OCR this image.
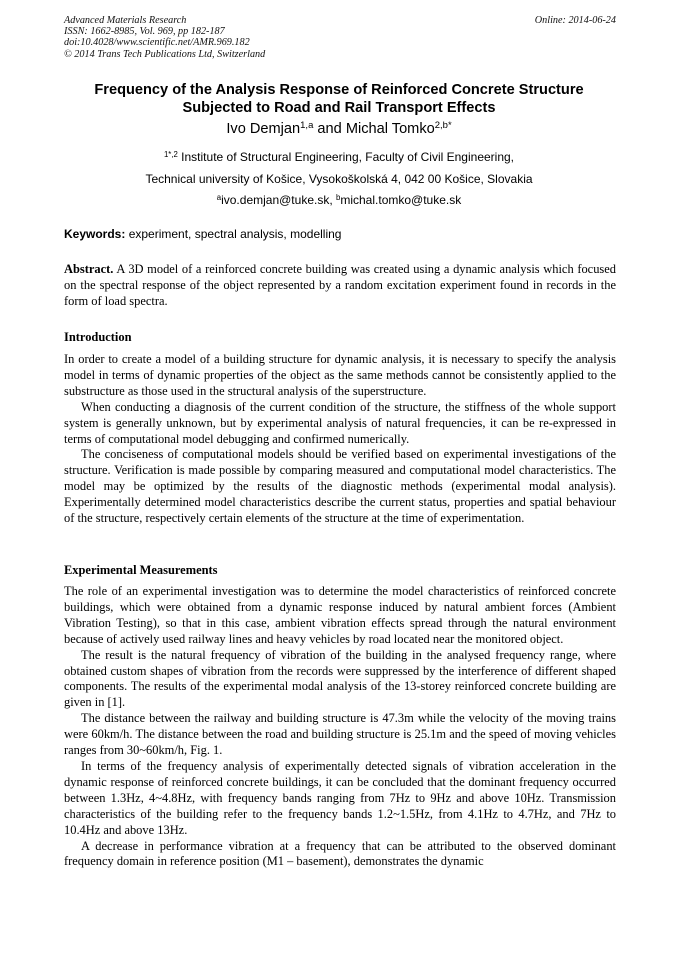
Advanced Materials Research
ISSN: 1662-8985, Vol. 969, pp 182-187
doi:10.4028/www.scientific.net/AMR.969.182
© 2014 Trans Tech Publications Ltd, Switzerland
Online: 2014-06-24
Frequency of the Analysis Response of Reinforced Concrete Structure
Subjected to Road and Rail Transport Effects
Ivo Demjan$^{1,a}$ and Michal Tomko$^{2,b*}$
$^{1*,2}$ Institute of Structural Engineering, Faculty of Civil Engineering,
Technical university of Košice, Vysokoškolská 4, 042 00 Košice, Slovakia
$^a$ivo.demjan@tuke.sk, $^b$michal.tomko@tuke.sk
Keywords: experiment, spectral analysis, modelling

Abstract. A 3D model of a reinforced concrete building was created using a dynamic analysis which focused on the spectral response of the object represented by a random excitation experiment found in records in the form of load spectra.

Introduction

In order to create a model of a building structure for dynamic analysis, it is necessary to specify the analysis model in terms of dynamic properties of the object as the same methods cannot be consistently applied to the substructure as those used in the structural analysis of the superstructure.

When conducting a diagnosis of the current condition of the structure, the stiffness of the whole support system is generally unknown, but by experimental analysis of natural frequencies, it can be re-expressed in terms of computational model debugging and confirmed numerically.

The conciseness of computational models should be verified based on experimental investigations of the structure. Verification is made possible by comparing measured and computational model characteristics. The model may be optimized by the results of the diagnostic methods (experimental modal analysis). Experimentally determined model characteristics describe the current status, properties and spatial behaviour of the structure, respectively certain elements of the structure at the time of experimentation.

Experimental Measurements

The role of an experimental investigation was to determine the model characteristics of reinforced concrete buildings, which were obtained from a dynamic response induced by natural ambient forces (Ambient Vibration Testing), so that in this case, ambient vibration effects spread through the natural environment because of actively used railway lines and heavy vehicles by road located near the monitored object.

The result is the natural frequency of vibration of the building in the analysed frequency range, where obtained custom shapes of vibration from the records were suppressed by the interference of different shaped components. The results of the experimental modal analysis of the 13-storey reinforced concrete building are given in [1].

The distance between the railway and building structure is 47.3m while the velocity of the moving trains were 60km/h. The distance between the road and building structure is 25.1m and the speed of moving vehicles ranges from 30~60km/h, Fig. 1.

In terms of the frequency analysis of experimentally detected signals of vibration acceleration in the dynamic response of reinforced concrete buildings, it can be concluded that the dominant frequency occurred between 1.3Hz, 4~4.8Hz, with frequency bands ranging from 7Hz to 9Hz and above 10Hz. Transmission characteristics of the building refer to the frequency bands 1.2~1.5Hz, from 4.1Hz to 4.7Hz, and 7Hz to 10.4Hz and above 13Hz.

A decrease in performance vibration at a frequency that can be attributed to the observed dominant frequency domain in reference position (M1 – basement), demonstrates the dynamic
